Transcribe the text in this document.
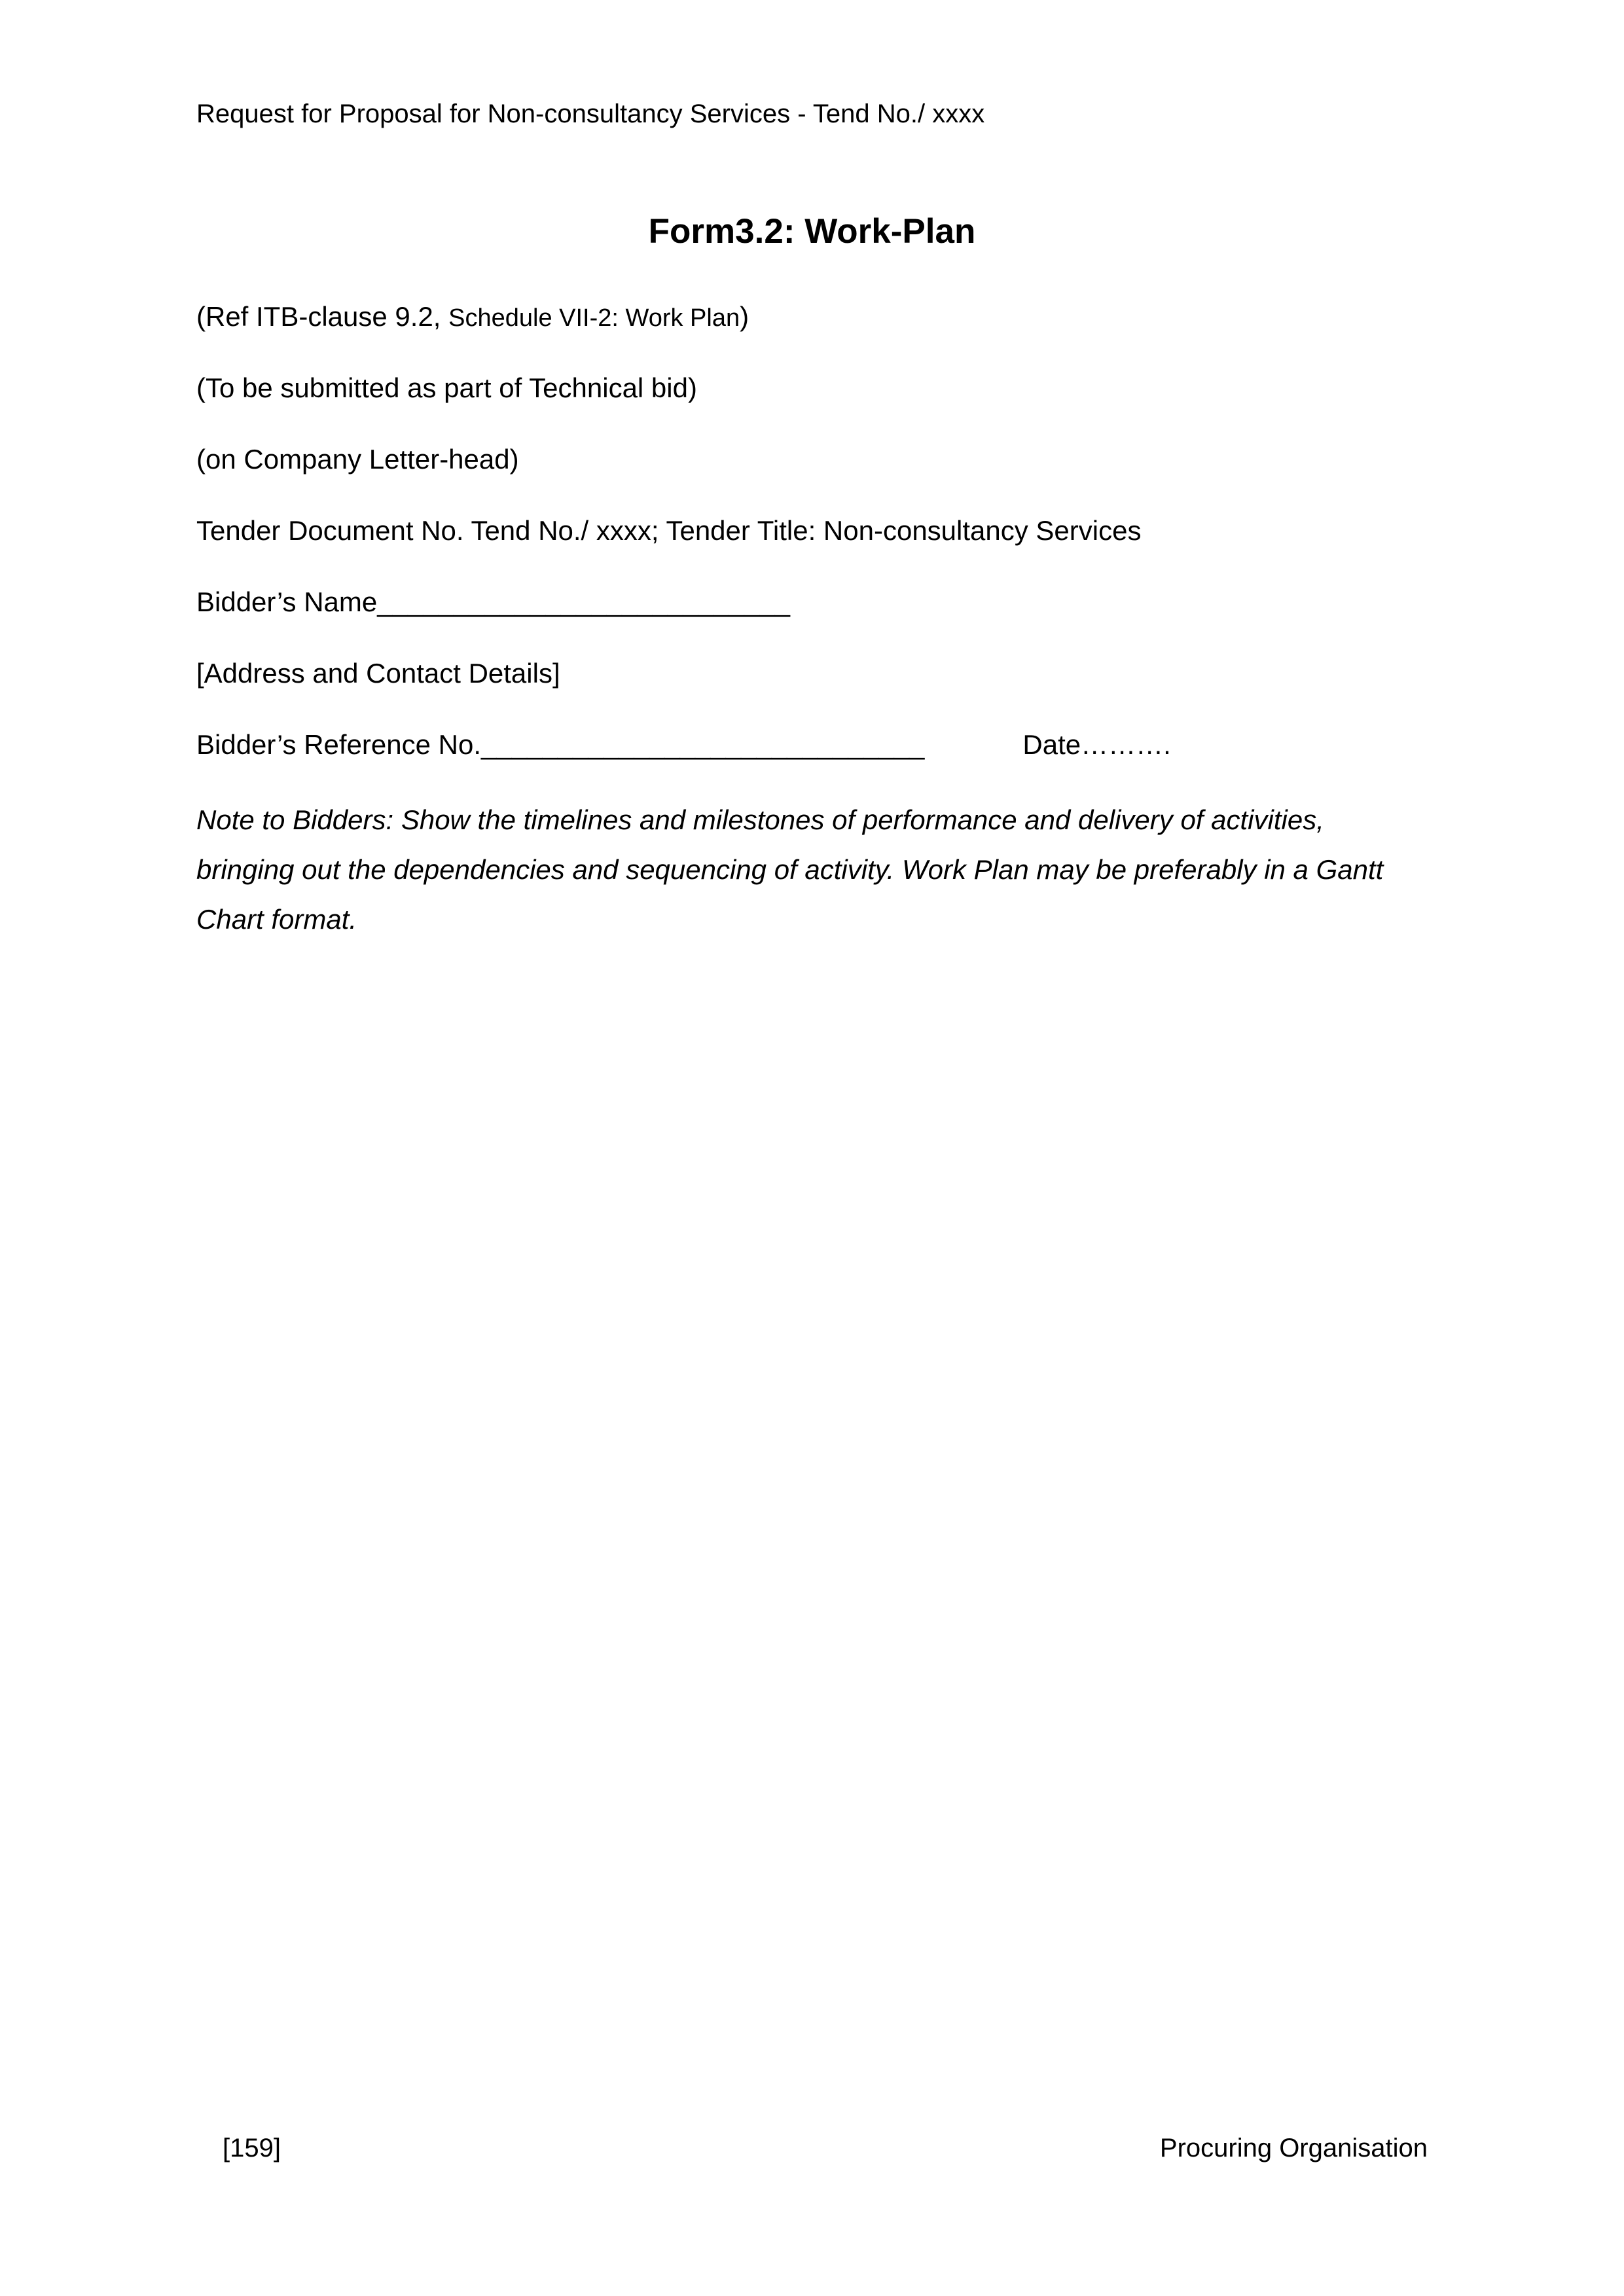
Request for Proposal for Non-consultancy Services - Tend No./ xxxx
Form3.2: Work-Plan

(Ref ITB-clause 9.2, Schedule VII-2: Work Plan)

(To be submitted as part of Technical bid)

(on Company Letter-head)

Tender Document No. Tend No./ xxxx; Tender Title: Non-consultancy Services

Bidder’s Name___________________________

[Address and Contact Details]

Bidder’s Reference No._____________________________	Date……….

Note to Bidders: Show the timelines and milestones of performance and delivery of activities, bringing out the dependencies and sequencing of activity. Work Plan may be preferably in a Gantt Chart format.

[159]	Procuring Organisation
